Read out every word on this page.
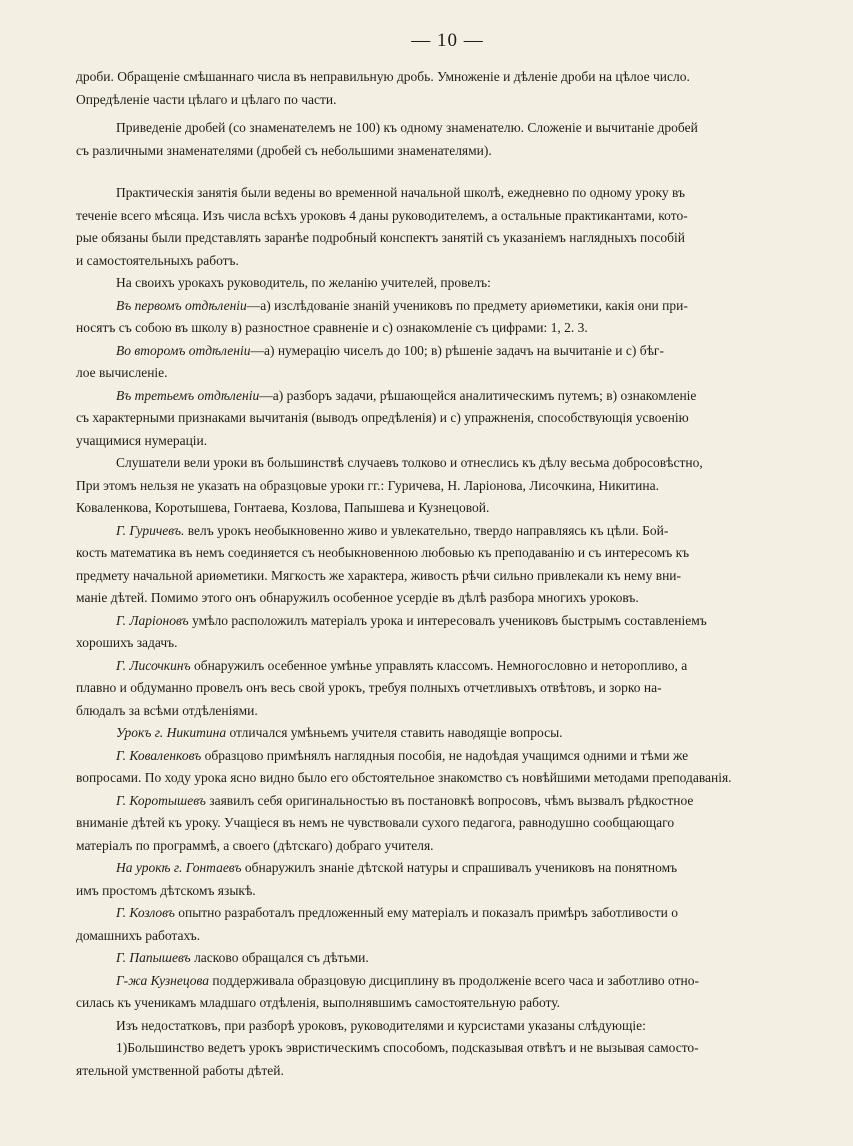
— 10 —
дроби. Обращеніе смѣшаннаго числа въ неправильную дробь. Умноженіе и дѣленіе дроби на цѣлое число.
Опредѣленіе части цѣлаго и цѣлаго по части.
Приведеніе дробей (со знаменателемъ не 100) къ одному знаменателю. Сложеніе и вычитаніе дробей
съ различными знаменателями (дробей съ небольшими знаменателями).
Практическія занятія были ведены во временной начальной школѣ, ежедневно по одному уроку въ
теченіе всего мѣсяца. Изъ числа всѣхъ уроковъ 4 даны руководителемъ, а остальные практикантами, кото-
рые обязаны были представлять заранѣе подробный конспектъ занятій съ указаніемъ наглядныхъ пособій
и самостоятельныхъ работъ.
На своихъ урокахъ руководитель, по желанію учителей, провелъ:
Въ первомъ отдѣленіи—а) изслѣдованіе знаній учениковъ по предмету ариѳметики, какія они при-
носятъ съ собою въ школу в) разностное сравненіе и с) ознакомленіе съ цифрами: 1, 2. 3.
Во второмъ отдѣленіи—а) нумерацію чиселъ до 100; в) рѣшеніе задачъ на вычитаніе и с) бѣг-
лое вычисленіе.
Въ третьемъ отдѣленіи—а) разборъ задачи, рѣшающейся аналитическимъ путемъ; в) ознакомленіе
съ характерными признаками вычитанія (выводъ опредѣленія) и с) упражненія, способствующія усвоенію
учащимися нумераціи.
Слушатели вели уроки въ большинствѣ случаевъ толково и отнеслись къ дѣлу весьма добросовѣстно,
При этомъ нельзя не указать на образцовые уроки гг.: Гуричева, Н. Ларіонова, Лисочкина, Никитина.
Коваленкова, Коротышева, Гонтаева, Козлова, Папышева и Кузнецовой.
Г. Гуричевъ. велъ урокъ необыкновенно живо и увлекательно, твердо направляясь къ цѣли. Бой-
кость математика въ немъ соединяется съ необыкновенною любовью къ преподаванію и съ интересомъ къ
предмету начальной ариѳметики. Мягкость же характера, живость рѣчи сильно привлекали къ нему вни-
маніе дѣтей. Помимо этого онъ обнаружилъ особенное усердіе въ дѣлѣ разбора многихъ уроковъ.
Г. Ларіоновъ умѣло расположилъ матеріалъ урока и интересовалъ учениковъ быстрымъ составленіемъ
хорошихъ задачъ.
Г. Лисочкинъ обнаружилъ осебенное умѣнье управлять классомъ. Немногословно и неторопливо, а
плавно и обдуманно провелъ онъ весь свой урокъ, требуя полныхъ отчетливыхъ отвѣтовъ, и зорко на-
блюдалъ за всѣми отдѣленіями.
Урокъ г. Никитина отличался умѣньемъ учителя ставить наводящіе вопросы.
Г. Коваленковъ образцово примѣнялъ наглядныя пособія, не надоѣдая учащимся одними и тѣми же
вопросами. По ходу урока ясно видно было его обстоятельное знакомство съ новѣйшими методами преподаванія.
Г. Коротышевъ заявилъ себя оригинальностью въ постановкѣ вопросовъ, чѣмъ вызвалъ рѣдкостное
вниманіе дѣтей къ уроку. Учащіеся въ немъ не чувствовали сухого педагога, равнодушно сообщающаго
матеріалъ по программѣ, а своего (дѣтскаго) добраго учителя.
На урокѣ г. Гонтаевъ обнаружилъ знаніе дѣтской натуры и спрашивалъ учениковъ на понятномъ
имъ простомъ дѣтскомъ языкѣ.
Г. Козловъ опытно разработалъ предложенный ему матеріалъ и показалъ примѣръ заботливости о
домашнихъ работахъ.
Г. Папышевъ ласково обращался съ дѣтьми.
Г-жа Кузнецова поддерживала образцовую дисциплину въ продолженіе всего часа и заботливо отно-
силась къ ученикамъ младшаго отдѣленія, выполнявшимъ самостоятельную работу.
Изъ недостатковъ, при разборѣ уроковъ, руководителями и курсистами указаны слѣдующіе:
1)Большинство ведетъ урокъ эвристическимъ способомъ, подсказывая отвѣтъ и не вызывая самосто-
ятельной умственной работы дѣтей.
